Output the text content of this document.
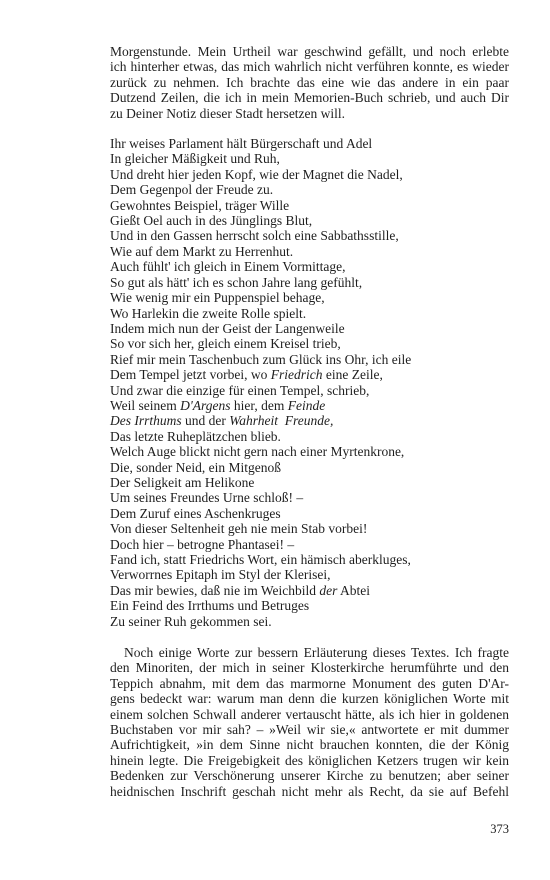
Morgenstunde. Mein Urtheil war geschwind gefällt, und noch erlebte
ich hinterher etwas, das mich wahrlich nicht verführen konnte, es wieder
zurück zu nehmen. Ich brachte das eine wie das andere in ein paar
Dutzend Zeilen, die ich in mein Memorien-Buch schrieb, und auch Dir
zu Deiner Notiz dieser Stadt hersetzen will.
Ihr weises Parlament hält Bürgerschaft und Adel
In gleicher Mäßigkeit und Ruh,
Und dreht hier jeden Kopf, wie der Magnet die Nadel,
Dem Gegenpol der Freude zu.
Gewohntes Beispiel, träger Wille
Gießt Oel auch in des Jünglings Blut,
Und in den Gassen herrscht solch eine Sabbathsstille,
Wie auf dem Markt zu Herrenhut.
Auch fühlt' ich gleich in Einem Vormittage,
So gut als hätt' ich es schon Jahre lang gefühlt,
Wie wenig mir ein Puppenspiel behage,
Wo Harlekin die zweite Rolle spielt.
Indem mich nun der Geist der Langenweile
So vor sich her, gleich einem Kreisel trieb,
Rief mir mein Taschenbuch zum Glück ins Ohr, ich eile
Dem Tempel jetzt vorbei, wo Friedrich eine Zeile,
Und zwar die einzige für einen Tempel, schrieb,
Weil seinem D'Argens hier, dem Feinde
Des Irrthums und der Wahrheit  Freunde,
Das letzte Ruheplätzchen blieb.
Welch Auge blickt nicht gern nach einer Myrtenkrone,
Die, sonder Neid, ein Mitgenoß
Der Seligkeit am Helikone
Um seines Freundes Urne schloß! –
Dem Zuruf eines Aschenkruges
Von dieser Seltenheit geh nie mein Stab vorbei!
Doch hier – betrogne Phantasei! –
Fand ich, statt Friedrichs Wort, ein hämisch aberkluges,
Verworrnes Epitaph im Styl der Klerisei,
Das mir bewies, daß nie im Weichbild der Abtei
Ein Feind des Irrthums und Betruges
Zu seiner Ruh gekommen sei.
Noch einige Worte zur bessern Erläuterung dieses Textes. Ich fragte
den Minoriten, der mich in seiner Klosterkirche herumführte und den
Teppich abnahm, mit dem das marmorne Monument des guten D'Ar-
gens bedeckt war: warum man denn die kurzen königlichen Worte mit
einem solchen Schwall anderer vertauscht hätte, als ich hier in goldenen
Buchstaben vor mir sah? – »Weil wir sie,« antwortete er mit dummer
Aufrichtigkeit, »in dem Sinne nicht brauchen konnten, die der König
hinein legte. Die Freigebigkeit des königlichen Ketzers trugen wir kein
Bedenken zur Verschönerung unserer Kirche zu benutzen; aber seiner
heidnischen Inschrift geschah nicht mehr als Recht, da sie auf Befehl
373
